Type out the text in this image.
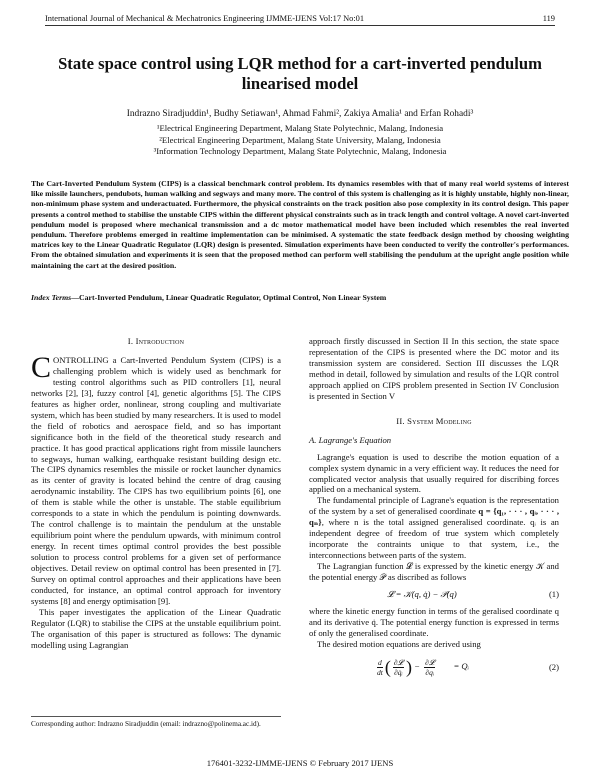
International Journal of Mechanical & Mechatronics Engineering IJMME-IJENS Vol:17 No:01	119
State space control using LQR method for a cart-inverted pendulum
linearised model
Indrazno Siradjuddin¹, Budhy Setiawan¹, Ahmad Fahmi², Zakiya Amalia¹ and Erfan Rohadi³
¹Electrical Engineering Department, Malang State Polytechnic, Malang, Indonesia
²Electrical Engineering Department, Malang State University, Malang, Indonesia
³Information Technology Department, Malang State Polytechnic, Malang, Indonesia
The Cart-Inverted Pendulum System (CIPS) is a classical benchmark control problem. Its dynamics resembles with that of many real world systems of interest like missile launchers, pendubots, human walking and segways and many more. The control of this system is challenging as it is highly unstable, highly non-linear, non-minimum phase system and underactuated. Furthermore, the physical constraints on the track position also pose complexity in its control design. This paper presents a control method to stabilise the unstable CIPS within the different physical constraints such as in track length and control voltage. A novel cart-inverted pendulum model is proposed where mechanical transmission and a dc motor mathematical model have been included which resembles the real inverted pendulum. Therefore problems emerged in realtime implementation can be minimised. A systematic the state feedback design method by choosing weighting matrices key to the Linear Quadratic Regulator (LQR) design is presented. Simulation experiments have been conducted to verify the controller's performances. From the obtained simulation and experiments it is seen that the proposed method can perform well stabilising the pendulum at the upright angle position while maintaining the cart at the desired position.
Index Terms—Cart-Inverted Pendulum, Linear Quadratic Regulator, Optimal Control, Non Linear System
I. Introduction

CONTROLLING a Cart-Inverted Pendulum System (CIPS) is a challenging problem which is widely used as benchmark for testing control algorithms such as PID controllers [1], neural networks [2], [3], fuzzy control [4], genetic algorithms [5]. The CIPS features as higher order, nonlinear, strong coupling and multivariate system, which has been studied by many researchers. It is used to model the field of robotics and aerospace field, and so has important significance both in the field of the theoretical study research and practice. It has good practical applications right from missile launchers to segways, human walking, earthquake resistant building design etc. The CIPS dynamics resembles the missile or rocket launcher dynamics as its center of gravity is located behind the centre of drag causing aerodynamic instability. The CIPS has two equilibrium points [6], one of them is stable while the other is unstable. The stable equilibrium corresponds to a state in which the pendulum is pointing downwards. The control challenge is to maintain the pendulum at the unstable equilibrium point where the pendulum upwards, with minimum control energy. In recent times optimal control provides the best possible solution to process control problems for a given set of performance objectives. Detail review on optimal control has been presented in [7]. Survey on optimal control approaches and their applications have been conducted, for instance, an optimal control approach for inventory systems [8] and energy optimisation [9].

This paper investigates the application of the Linear Quadratic Regulator (LQR) to stabilise the CIPS at the unstable equilibrium point. The organisation of this paper is structured as follows: The dynamic modelling using Lagrangian

approach firstly discussed in Section II In this section, the state space representation of the CIPS is presented where the DC motor and its transmission system are considered. Section III discusses the LQR method in detail, followed by simulation and results of the LQR control approach applied on CIPS problem presented in Section IV Conclusion is presented in Section V

II. System Modeling
A. Lagrange's Equation

Lagrange's equation is used to describe the motion equation of a complex system dynamic in a very efficient way. It reduces the need for complicated vector analysis that usually required for discribing forces applied on a mechanical system.

The fundamental principle of Lagrane's equation is the representation of the system by a set of generalised coordinate q = {q₁, · · · , qᵢ, · · · , qₙ}, where n is the total assigned generalised coordinate. qᵢ is an independent degree of freedom of true system which completely incorporate the contraints unique to that system, i.e., the interconnections between parts of the system.

The Lagrangian function 𝓛 is expressed by the kinetic energy 𝒦 and the potential energy 𝒫 as discribed as follows

𝓛 = 𝒦(q, q̇) − 𝒫(q)	(1)

where the kinetic energy function in terms of the geralised coordinate q and its derivative q̇. The potential energy function is expressed in terms of only the generalised coordinate.

The desired motion equations are derived using

$\frac{d}{dt}$ ( $\frac{\text{∂𝓛}}{\text{∂q̇ᵢ}}$ ) − $\frac{\text{∂𝓛}}{\text{∂qᵢ}}$ = Qᵢ	(2)
Corresponding author: Indrazno Siradjuddin (email: indrazno@polinema.ac.id).
176401-3232-IJMME-IJENS © February 2017 IJENS
